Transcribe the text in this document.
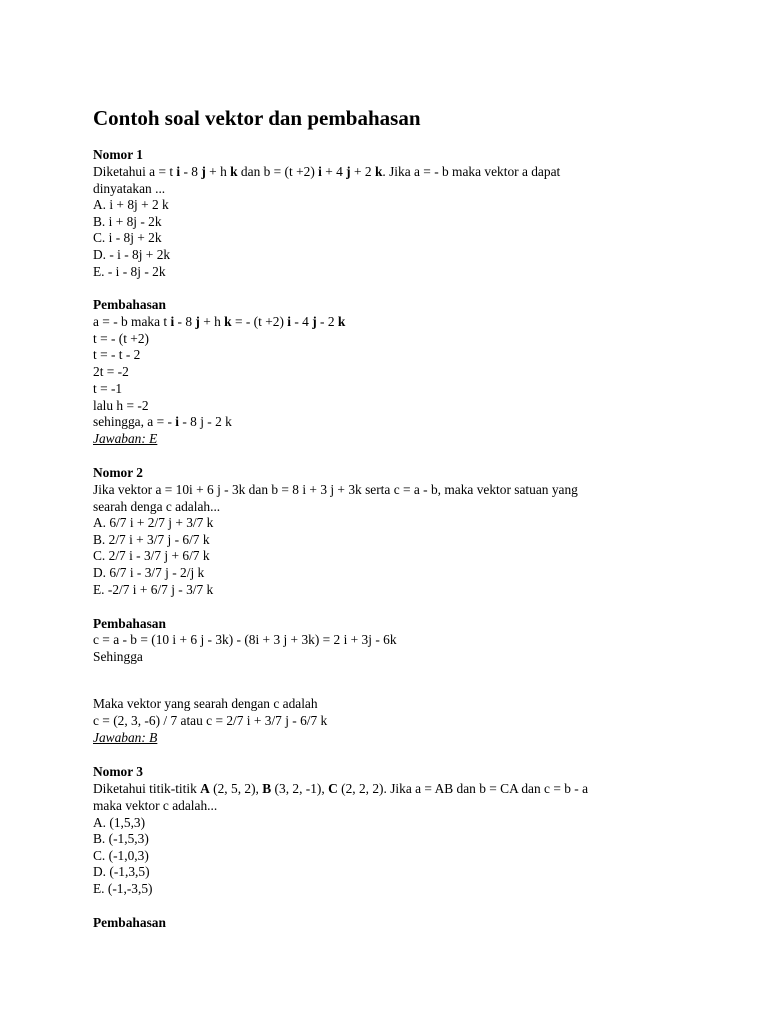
Contoh soal vektor dan pembahasan
Nomor 1
Diketahui a = t i - 8 j + h k dan b = (t +2) i + 4 j + 2 k. Jika a = - b maka vektor a dapat
dinyatakan ...
A. i + 8j + 2 k
B. i + 8j - 2k
C. i - 8j + 2k
D. - i - 8j + 2k
E. - i - 8j - 2k
Pembahasan
a = - b maka t i - 8 j + h k = - (t +2) i - 4 j - 2 k
t = - (t +2)
t = - t - 2
2t = -2
t = -1
lalu h = -2
sehingga, a = - i - 8 j - 2 k
Jawaban: E
Nomor 2
Jika vektor a = 10i + 6 j - 3k dan b = 8 i + 3 j + 3k serta c = a - b, maka vektor satuan yang
searah denga c adalah...
A. 6/7 i + 2/7 j + 3/7 k
B. 2/7 i + 3/7 j - 6/7 k
C. 2/7 i - 3/7 j + 6/7 k
D. 6/7 i - 3/7 j - 2/j k
E. -2/7 i + 6/7 j - 3/7 k
Pembahasan
c = a - b = (10 i + 6 j - 3k) - (8i + 3 j + 3k) = 2 i + 3j - 6k
Sehingga
Maka vektor yang searah dengan c adalah
c = (2, 3, -6) / 7 atau c = 2/7 i + 3/7 j - 6/7 k
Jawaban: B
Nomor 3
Diketahui titik-titik A (2, 5, 2), B (3, 2, -1), C (2, 2, 2). Jika a = AB dan b = CA dan c = b - a
maka vektor c adalah...
A. (1,5,3)
B. (-1,5,3)
C. (-1,0,3)
D. (-1,3,5)
E. (-1,-3,5)
Pembahasan
